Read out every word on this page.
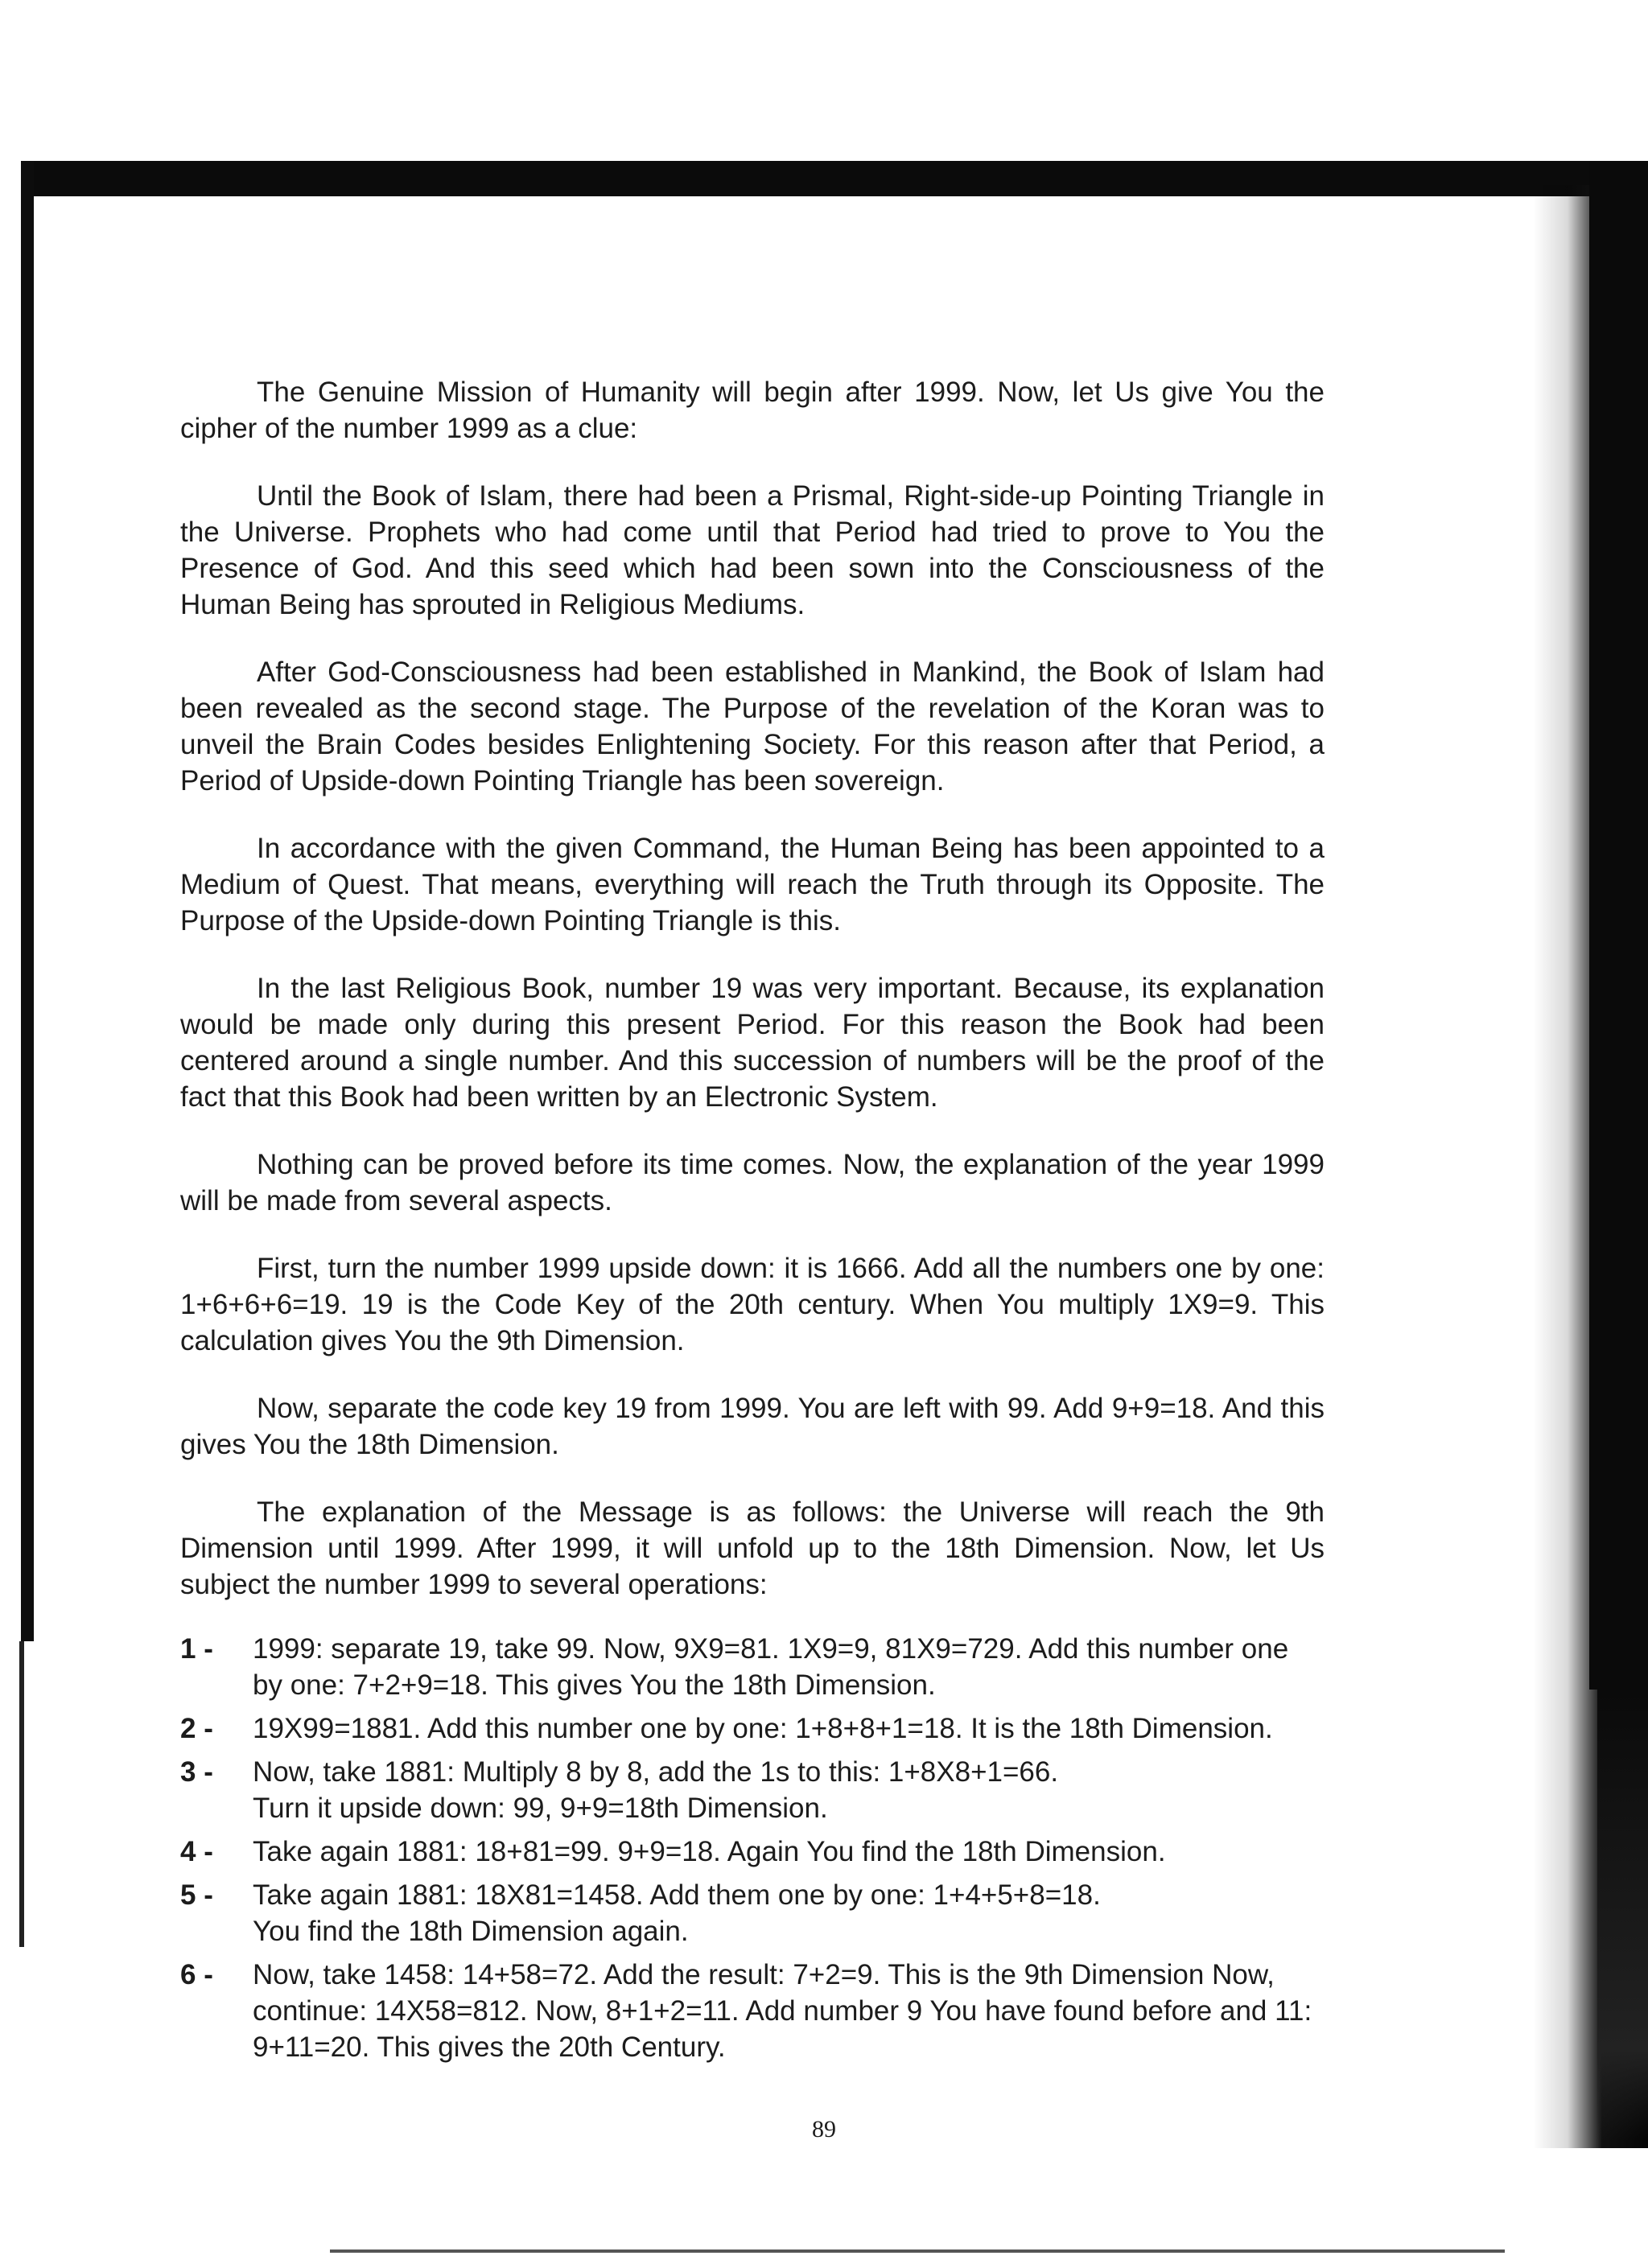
The Genuine Mission of Humanity will begin after 1999. Now, let Us give You the cipher of the number 1999 as a clue:

Until the Book of Islam, there had been a Prismal, Right-side-up Pointing Triangle in the Universe. Prophets who had come until that Period had tried to prove to You the Presence of God. And this seed which had been sown into the Consciousness of the Human Being has sprouted in Religious Mediums.

After God-Consciousness had been established in Mankind, the Book of Islam had been revealed as the second stage. The Purpose of the revelation of the Koran was to unveil the Brain Codes besides Enlightening Society. For this reason after that Period, a Period of Upside-down Pointing Triangle has been sovereign.

In accordance with the given Command, the Human Being has been appointed to a Medium of Quest. That means, everything will reach the Truth through its Opposite. The Purpose of the Upside-down Pointing Triangle is this.

In the last Religious Book, number 19 was very important. Because, its explanation would be made only during this present Period. For this reason the Book had been centered around a single number. And this succession of numbers will be the proof of the fact that this Book had been written by an Electronic System.

Nothing can be proved before its time comes. Now, the explanation of the year 1999 will be made from several aspects.

First, turn the number 1999 upside down: it is 1666. Add all the numbers one by one: 1+6+6+6=19. 19 is the Code Key of the 20th century. When You multiply 1X9=9. This calculation gives You the 9th Dimension.

Now, separate the code key 19 from 1999. You are left with 99. Add 9+9=18. And this gives You the 18th Dimension.

The explanation of the Message is as follows: the Universe will reach the 9th Dimension until 1999. After 1999, it will unfold up to the 18th Dimension. Now, let Us subject the number 1999 to several operations:

1 -	1999: separate 19, take 99. Now, 9X9=81. 1X9=9, 81X9=729. Add this number one by one: 7+2+9=18. This gives You the 18th Dimension.
2 -	19X99=1881. Add this number one by one: 1+8+8+1=18. It is the 18th Dimension.
3 -	Now, take 1881: Multiply 8 by 8, add the 1s to this: 1+8X8+1=66.
Turn it upside down: 99, 9+9=18th Dimension.
4 -	Take again 1881: 18+81=99. 9+9=18. Again You find the 18th Dimension.
5 -	Take again 1881: 18X81=1458. Add them one by one: 1+4+5+8=18.
You find the 18th Dimension again.
6 -	Now, take 1458: 14+58=72. Add the result: 7+2=9. This is the 9th Dimension Now, continue: 14X58=812. Now, 8+1+2=11. Add number 9 You have found before and 11: 9+11=20. This gives the 20th Century.
89
